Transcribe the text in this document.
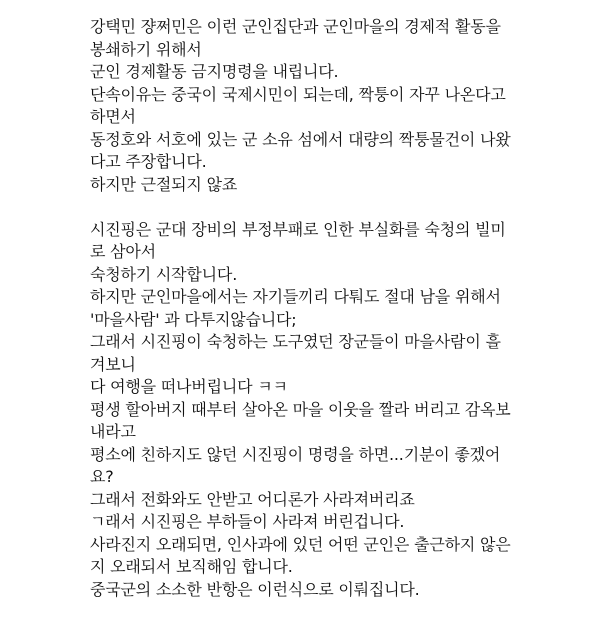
강택민 쟝쩌민은 이런 군인집단과 군인마을의 경제적 활동을
봉쇄하기 위해서
군인 경제활동 금지명령을 내립니다.
단속이유는 중국이 국제시민이 되는데, 짝퉁이 자꾸 나온다고
하면서
동정호와 서호에 있는 군 소유 섬에서 대량의 짝퉁물건이 나왔
다고 주장합니다.
하지만 근절되지 않죠
시진핑은 군대 장비의 부정부패로 인한 부실화를 숙청의 빌미
로 삼아서
숙청하기 시작합니다.
하지만 군인마을에서는 자기들끼리 다퉈도 절대 남을 위해서
'마을사람' 과 다투지않습니다;
그래서 시진핑이 숙청하는 도구였던 장군들이 마을사람이 흘
겨보니
다 여행을 떠나버립니다 ㅋㅋ
평생 할아버지 때부터 살아온 마을 이웃을 짤라 버리고 감옥보
내라고
평소에 친하지도 않던 시진핑이 명령을 하면...기분이 좋겠어
요?
그래서 전화와도 안받고 어디론가 사라져버리죠
ㄱ래서 시진핑은 부하들이 사라져 버린겁니다.
사라진지 오래되면, 인사과에 있던 어떤 군인은 출근하지 않은
지 오래되서 보직해임 합니다.
중국군의 소소한 반항은 이런식으로 이뤄집니다.
